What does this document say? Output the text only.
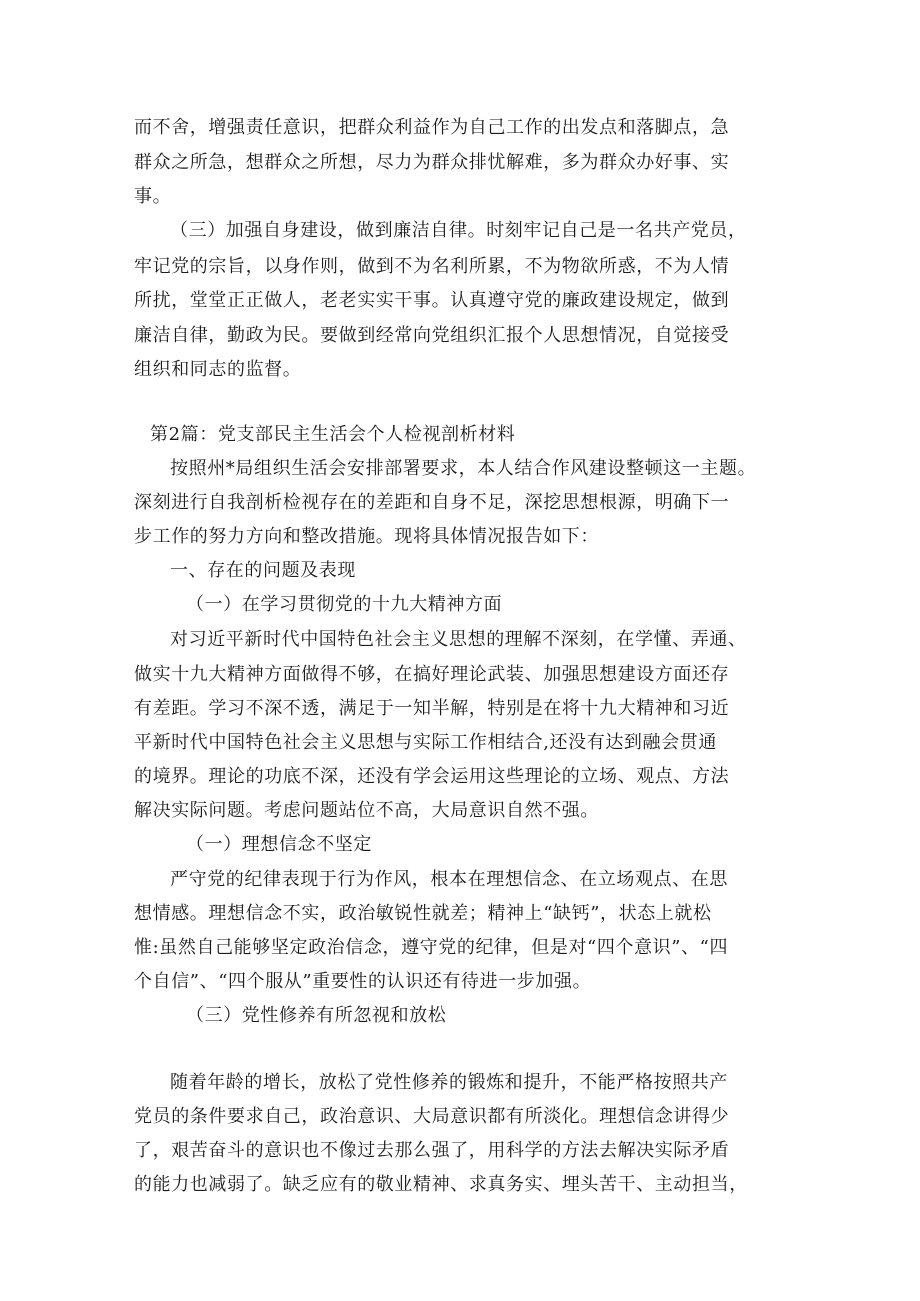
而不舍，增强责任意识，把群众利益作为自己工作的出发点和落脚点，急
群众之所急，想群众之所想，尽力为群众排忧解难，多为群众办好事、实
事。
（三）加强自身建设，做到廉洁自律。时刻牢记自己是一名共产党员，
牢记党的宗旨，以身作则，做到不为名利所累，不为物欲所惑，不为人情
所扰，堂堂正正做人，老老实实干事。认真遵守党的廉政建设规定，做到
廉洁自律，勤政为民。要做到经常向党组织汇报个人思想情况，自觉接受
组织和同志的监督。
第2篇：党支部民主生活会个人检视剖析材料
按照州*局组织生活会安排部署要求，本人结合作风建设整顿这一主题。
深刻进行自我剖析检视存在的差距和自身不足，深挖思想根源，明确下一
步工作的努力方向和整改措施。现将具体情况报告如下：
一、存在的问题及表现
（一）在学习贯彻党的十九大精神方面
对习近平新时代中国特色社会主义思想的理解不深刻，在学懂、弄通、
做实十九大精神方面做得不够，在搞好理论武装、加强思想建设方面还存
有差距。学习不深不透，满足于一知半解，特别是在将十九大精神和习近
平新时代中国特色社会主义思想与实际工作相结合,还没有达到融会贯通
的境界。理论的功底不深，还没有学会运用这些理论的立场、观点、方法
解决实际问题。考虑问题站位不高，大局意识自然不强。
（一）理想信念不坚定
严守党的纪律表现于行为作风，根本在理想信念、在立场观点、在思
想情感。理想信念不实，政治敏锐性就差；精神上“缺钙”，状态上就松
惟:虽然自己能够坚定政治信念，遵守党的纪律，但是对“四个意识”、“四
个自信”、“四个服从”重要性的认识还有待进一步加强。
（三）党性修养有所忽视和放松
随着年龄的增长，放松了党性修养的锻炼和提升，不能严格按照共产
党员的条件要求自己，政治意识、大局意识都有所淡化。理想信念讲得少
了，艰苦奋斗的意识也不像过去那么强了，用科学的方法去解决实际矛盾
的能力也减弱了。缺乏应有的敬业精神、求真务实、埋头苦干、主动担当，
